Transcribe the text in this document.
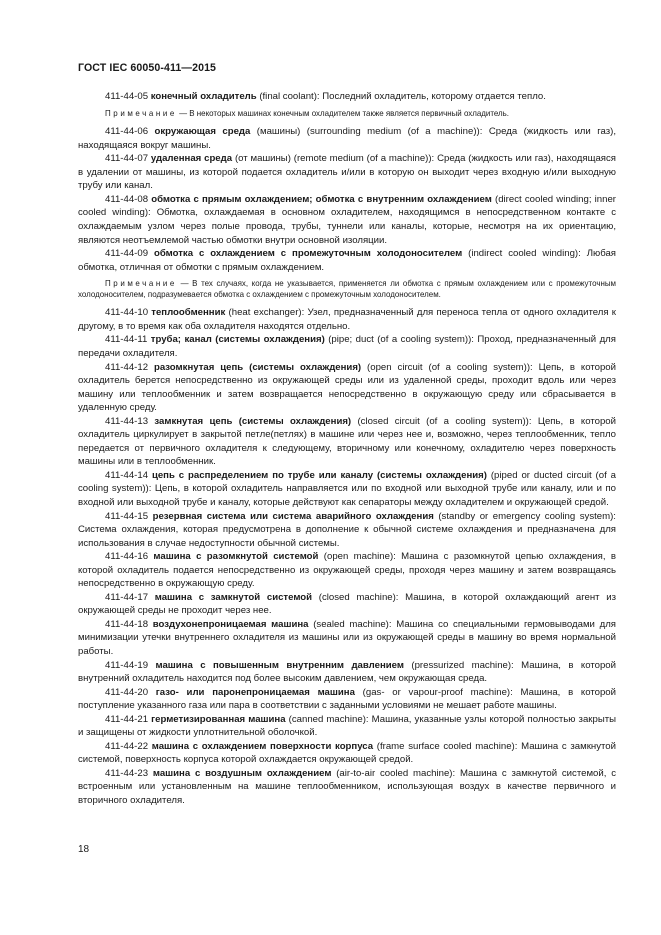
ГОСТ IEC 60050-411—2015

411-44-05 конечный охладитель (final coolant): Последний охладитель, которому отдается тепло.

Примечание — В некоторых машинах конечным охладителем также является первичный охладитель.

411-44-06 окружающая среда (машины) (surrounding medium (of a machine)): Среда (жидкость или газ), находящаяся вокруг машины.

411-44-07 удаленная среда (от машины) (remote medium (of a machine)): Среда (жидкость или газ), находящаяся в удалении от машины, из которой подается охладитель и/или в которую он выходит через входную и/или выходную трубу или канал.

411-44-08 обмотка с прямым охлаждением; обмотка с внутренним охлаждением (direct cooled winding; inner cooled winding): Обмотка, охлаждаемая в основном охладителем, находящимся в непосредственном контакте с охлаждаемым узлом через полые провода, трубы, туннели или каналы, которые, несмотря на их ориентацию, являются неотъемлемой частью обмотки внутри основной изоляции.

411-44-09 обмотка с охлаждением с промежуточным холодоносителем (indirect cooled winding): Любая обмотка, отличная от обмотки с прямым охлаждением.

Примечание — В тех случаях, когда не указывается, применяется ли обмотка с прямым охлаждением или с промежуточным холодоносителем, подразумевается обмотка с охлаждением с промежуточным холодоносителем.

411-44-10 теплообменник (heat exchanger): Узел, предназначенный для переноса тепла от одного охладителя к другому, в то время как оба охладителя находятся отдельно.

411-44-11 труба; канал (системы охлаждения) (pipe; duct (of a cooling system)): Проход, предназначенный для передачи охладителя.

411-44-12 разомкнутая цепь (системы охлаждения) (open circuit (of a cooling system)): Цепь, в которой охладитель берется непосредственно из окружающей среды или из удаленной среды, проходит вдоль или через машину или теплообменник и затем возвращается непосредственно в окружающую среду или сбрасывается в удаленную среду.

411-44-13 замкнутая цепь (системы охлаждения) (closed circuit (of a cooling system)): Цепь, в которой охладитель циркулирует в закрытой петле(петлях) в машине или через нее и, возможно, через теплообменник, тепло передается от первичного охладителя к следующему, вторичному или конечному, охладителю через поверхность машины или в теплообменник.

411-44-14 цепь с распределением по трубе или каналу (системы охлаждения) (piped or ducted circuit (of a cooling system)): Цепь, в которой охладитель направляется или по входной или выходной трубе или каналу, или и по входной или выходной трубе и каналу, которые действуют как сепараторы между охладителем и окружающей средой.

411-44-15 резервная система или система аварийного охлаждения (standby or emergency cooling system): Система охлаждения, которая предусмотрена в дополнение к обычной системе охлаждения и предназначена для использования в случае недоступности обычной системы.

411-44-16 машина с разомкнутой системой (open machine): Машина с разомкнутой цепью охлаждения, в которой охладитель подается непосредственно из окружающей среды, проходя через машину и затем возвращаясь непосредственно в окружающую среду.

411-44-17 машина с замкнутой системой (closed machine): Машина, в которой охлаждающий агент из окружающей среды не проходит через нее.

411-44-18 воздухонепроницаемая машина (sealed machine): Машина со специальными гермовыводами для минимизации утечки внутреннего охладителя из машины или из окружающей среды в машину во время нормальной работы.

411-44-19 машина с повышенным внутренним давлением (pressurized machine): Машина, в которой внутренний охладитель находится под более высоким давлением, чем окружающая среда.

411-44-20 газо- или паронепроницаемая машина (gas- or vapour-proof machine): Машина, в которой поступление указанного газа или пара в соответствии с заданными условиями не мешает работе машины.

411-44-21 герметизированная машина (canned machine): Машина, указанные узлы которой полностью закрыты и защищены от жидкости уплотнительной оболочкой.

411-44-22 машина с охлаждением поверхности корпуса (frame surface cooled machine): Машина с замкнутой системой, поверхность корпуса которой охлаждается окружающей средой.

411-44-23 машина с воздушным охлаждением (air-to-air cooled machine): Машина с замкнутой системой, с встроенным или установленным на машине теплообменником, использующая воздух в качестве первичного и вторичного охладителя.

18
